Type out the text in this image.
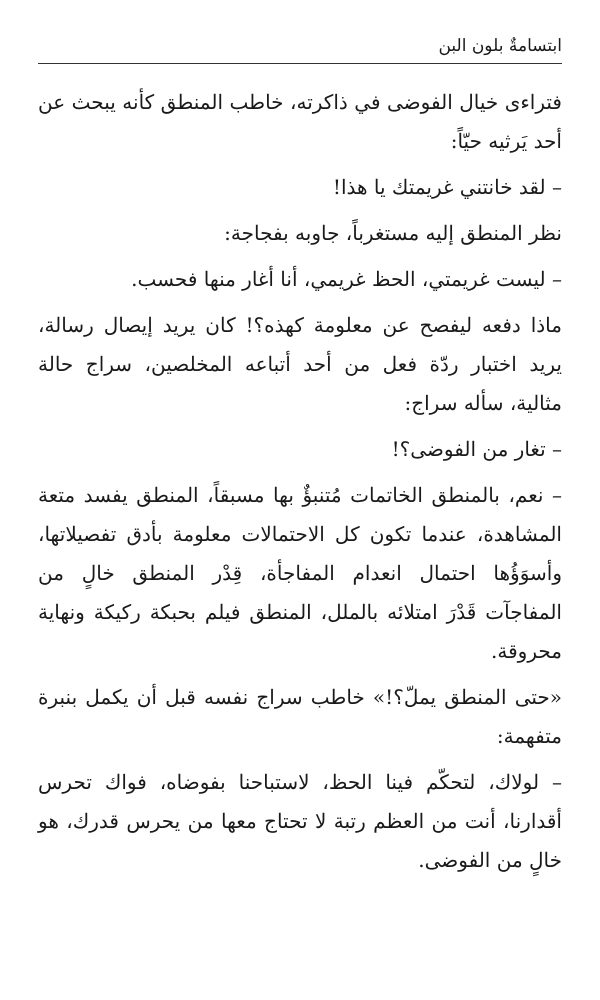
ابتسامةٌ بلون البن

فتراءى خيال الفوضى في ذاكرته، خاطب المنطق كأنه يبحث عن أحد يَرثيه حيّاً:

– لقد خانتني غريمتك يا هذا!

نظر المنطق إليه مستغرباً، جاوبه بفجاجة:

– ليست غريمتي، الحظ غريمي، أنا أغار منها فحسب.

ماذا دفعه ليفصح عن معلومة كهذه؟! كان يريد إيصال رسالة، يريد اختبار ردّة فعل من أحد أتباعه المخلصين، سراج حالة مثالية، سأله سراج:

– تغار من الفوضى؟!

– نعم، بالمنطق الخاتمات مُتنبؤٌ بها مسبقاً، المنطق يفسد متعة المشاهدة، عندما تكون كل الاحتمالات معلومة بأدق تفصيلاتها، وأسوَؤُها احتمال انعدام المفاجأة، قِدْر المنطق خالٍ من المفاجآت قَدْرَ امتلائه بالملل، المنطق فيلم بحبكة ركيكة ونهاية محروقة.

«حتى المنطق يملّ؟!» خاطب سراج نفسه قبل أن يكمل بنبرة متفهمة:

– لولاك، لتحكّم فينا الحظ، لاستباحنا بفوضاه، فواك تحرس أقدارنا، أنت من العظم رتبة لا تحتاج معها من يحرس قدرك، هو خالٍ من الفوضى.
